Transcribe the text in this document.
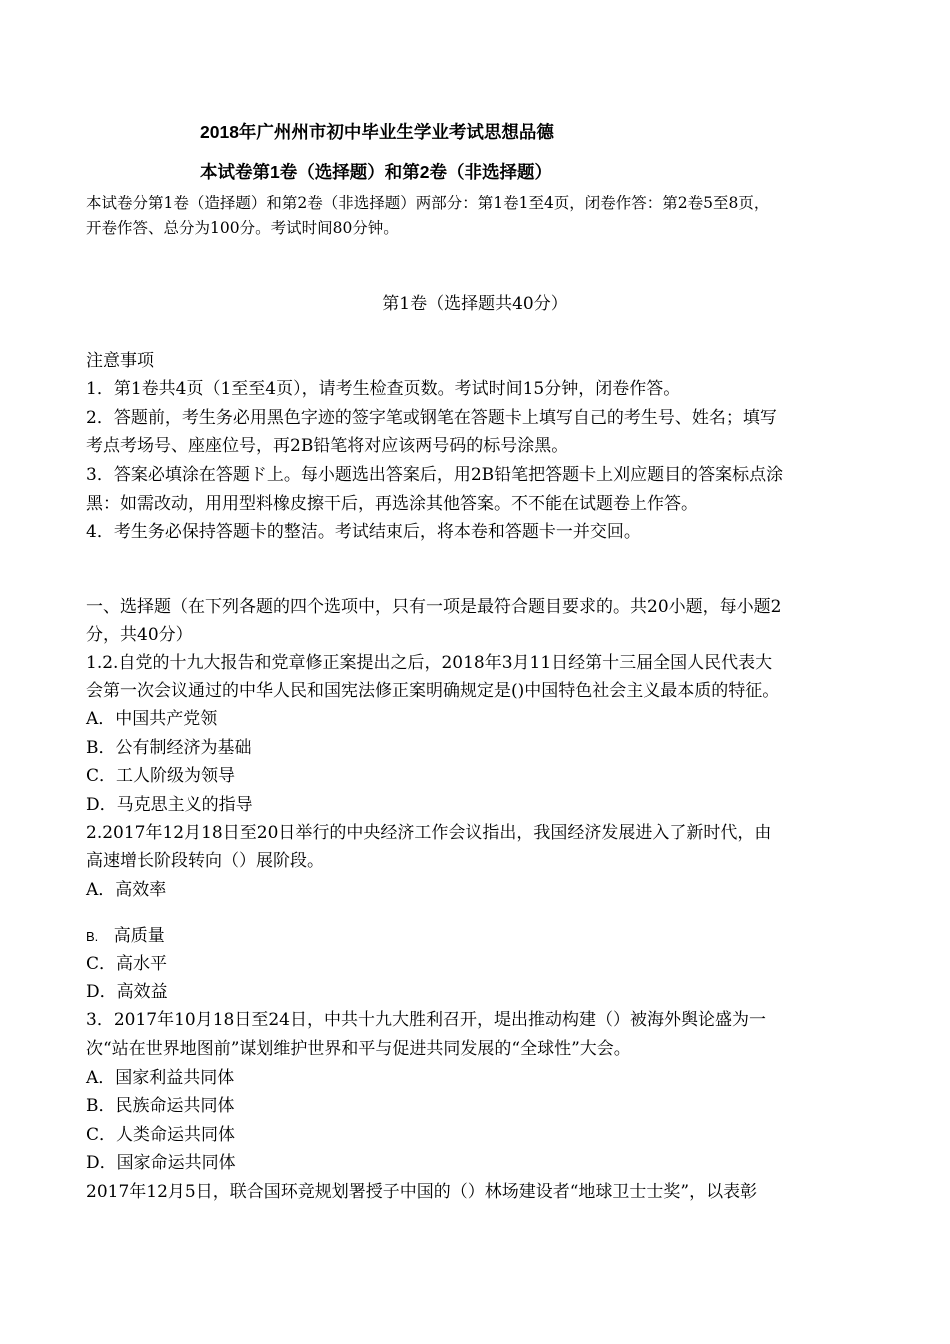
2018年广州州市初中毕业生学业考试思想品德
本试卷第1卷（选择题）和第2卷（非选择题）
本试卷分第1卷（造择题）和第2卷（非选择题）两部分：第1卷1至4页，闭卷作答：第2卷5至8页，
开卷作答、总分为100分。考试时间80分钟。
第1卷（选择题共40分）
注意事项
1．第1卷共4页（1至至4页），请考生检查页数。考试时间15分钟，闭卷作答。
2．答题前，考生务必用黑色字迹的签字笔或钢笔在答题卡上填写自己的考生号、姓名；填写
考点考场号、座座位号，再2B铅笔将对应该两号码的标号涂黑。
3．答案必填涂在答题ド上。每小题选出答案后，用2B铅笔把答题卡上刈应题目的答案标点涂
黑：如需改动，用用型料橡皮擦干后，再选涂其他答案。不不能在试题卷上作答。
4．考生务必保持答题卡的整洁。考试结束后，将本卷和答题卡一并交回。
一、选择题（在下列各题的四个选项中，只有一项是最符合题目要求的。共20小题，每小题2
分，共40分）
1.2.自党的十九大报告和党章修正案提出之后，2018年3月11日经第十三届全国人民代表大
会第一次会议通过的中华人民和国宪法修正案明确规定是()中国特色社会主义最本质的特征。
A．中国共产党领
B．公有制经济为基础
C．工人阶级为领导
D．马克思主义的指导
2.2017年12月18日至20日举行的中央经济工作会议指出，我国经济发展进入了新时代，由
高速增长阶段转向（）展阶段。
A．高效率
B. 高质量
C．高水平
D．高效益
3．2017年10月18日至24日，中共十九大胜利召开，堤出推动构建（）被海外舆论盛为一
次“站在世界地图前”谋划维护世界和平与促进共同发展的“全球性”大会。
A．国家利益共同体
B．民族命运共同体
C．人类命运共同体
D．国家命运共同体
2017年12月5日，联合国环竞规划署授子中国的（）林场建设者“地球卫士士奖”，以表彰
